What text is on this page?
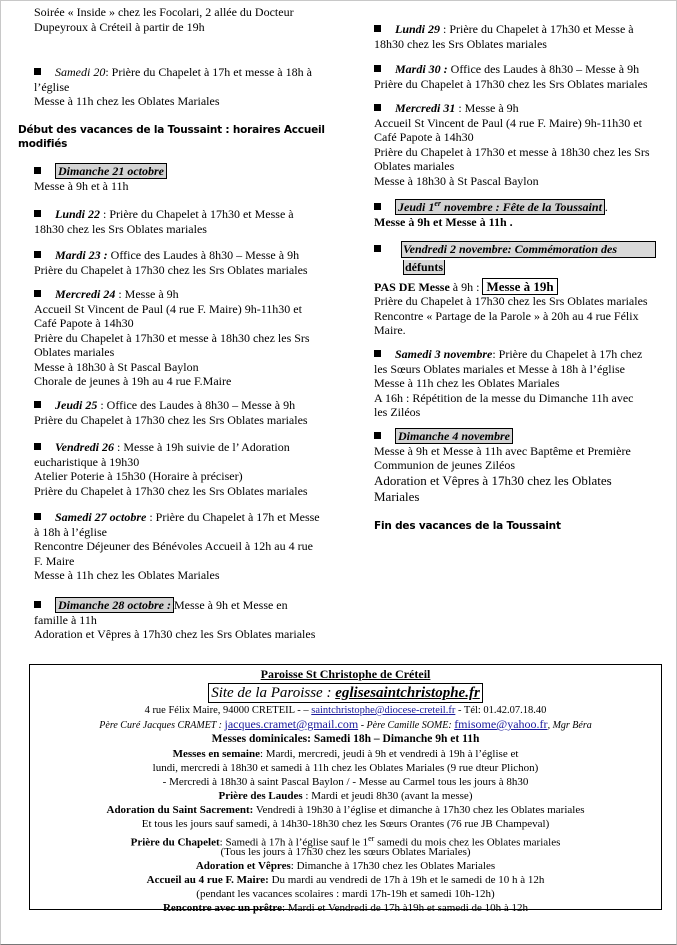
Soirée « Inside » chez les Focolari, 2 allée du Docteur

Dupeyroux à Créteil à partir de 19h

Samedi 20: Prière du Chapelet à 17h et messe à 18h à

l’église

Messe à 11h chez les Oblates Mariales

Début des vacances de la Toussaint : horaires Accueil

modifiés

Dimanche 21 octobre

Messe à 9h et à 11h

Lundi 22 : Prière du Chapelet à 17h30 et Messe à

18h30 chez les Srs Oblates mariales

Mardi 23 : Office des Laudes à 8h30 – Messe à 9h

Prière du Chapelet à 17h30 chez les Srs Oblates mariales

Mercredi 24 : Messe à 9h

Accueil St Vincent de Paul (4 rue F. Maire) 9h-11h30 et

Café Papote à 14h30

Prière du Chapelet à 17h30 et messe à 18h30 chez les Srs

Oblates mariales

Messe à 18h30 à St Pascal Baylon

Chorale de jeunes à 19h au 4 rue F.Maire

Jeudi 25 : Office des Laudes à 8h30 – Messe à 9h

Prière du Chapelet à 17h30 chez les Srs Oblates mariales

Vendredi 26 : Messe à 19h suivie de l’ Adoration

eucharistique à 19h30

Atelier Poterie à 15h30 (Horaire à préciser)

Prière du Chapelet à 17h30 chez les Srs Oblates mariales

Samedi 27 octobre : Prière du Chapelet à 17h et Messe

à 18h à l’église

Rencontre Déjeuner des Bénévoles Accueil à 12h au 4 rue

F. Maire

Messe à 11h chez les Oblates Mariales

Dimanche 28 octobre : Messe à 9h et Messe en

famille à 11h

Adoration et Vêpres à 17h30 chez les Srs Oblates mariales

Lundi 29 : Prière du Chapelet à 17h30 et Messe à

18h30 chez les Srs Oblates mariales

Mardi 30 : Office des Laudes à 8h30 – Messe à 9h

Prière du Chapelet à 17h30 chez les Srs Oblates mariales

Mercredi 31 : Messe à 9h

Accueil St Vincent de Paul (4 rue F. Maire) 9h-11h30 et

Café Papote à 14h30

Prière du Chapelet à 17h30 et messe à 18h30 chez les Srs

Oblates mariales

Messe à 18h30 à St Pascal Baylon

Jeudi 1er novembre : Fête de la Toussaint .

Messe à 9h et Messe à 11h .

Vendredi 2 novembre: Commémoration des

défunts

PAS DE Messe à 9h : Messe à 19h

Prière du Chapelet à 17h30 chez les Srs Oblates mariales

Rencontre « Partage de la Parole » à 20h au 4 rue Félix

Maire.

Samedi 3 novembre: Prière du Chapelet à 17h chez

les Sœurs Oblates mariales et Messe à 18h à l’église

Messe à 11h chez les Oblates Mariales

A 16h : Répétition de la messe du Dimanche 11h avec

les Ziléos

Dimanche 4 novembre

Messe à 9h et Messe à 11h avec Baptême et Première

Communion de jeunes Ziléos

Adoration et Vêpres à 17h30 chez les Oblates

Mariales

Fin des vacances de la Toussaint

Paroisse St Christophe de Créteil

Site de la Paroisse : eglisesaintchristophe.fr

4 rue Félix Maire, 94000 CRETEIL - – saintchristophe@diocese-creteil.fr - Tél: 01.42.07.18.40

Père Curé Jacques CRAMET : jacques.cramet@gmail.com - Père Camille SOME: fmisome@yahoo.fr, Mgr Béra

Messes dominicales: Samedi 18h – Dimanche 9h et 11h

Messes en semaine: Mardi, mercredi, jeudi à 9h et vendredi à 19h à l’église et

lundi, mercredi à 18h30 et samedi à 11h chez les Oblates Mariales (9 rue dteur Plichon)

- Mercredi à 18h30 à saint Pascal Baylon / - Messe au Carmel tous les jours à 8h30

Prière des Laudes : Mardi et jeudi 8h30 (avant la messe)

Adoration du Saint Sacrement: Vendredi à 19h30 à l’église et dimanche à 17h30 chez les Oblates mariales

Et tous les jours sauf samedi, à 14h30-18h30 chez les Sœurs Orantes (76 rue JB Champeval)

Prière du Chapelet: Samedi à 17h à l’église sauf le 1er samedi du mois chez les Oblates mariales

(Tous les jours à 17h30 chez les sœurs Oblates Mariales)

Adoration et Vêpres: Dimanche à 17h30 chez les Oblates Mariales

Accueil au 4 rue F. Maire: Du mardi au vendredi de 17h à 19h et le samedi de 10 h à 12h

(pendant les vacances scolaires : mardi 17h-19h et samedi 10h-12h)

Rencontre avec un prêtre: Mardi et Vendredi de 17h à19h et samedi de 10h à 12h
